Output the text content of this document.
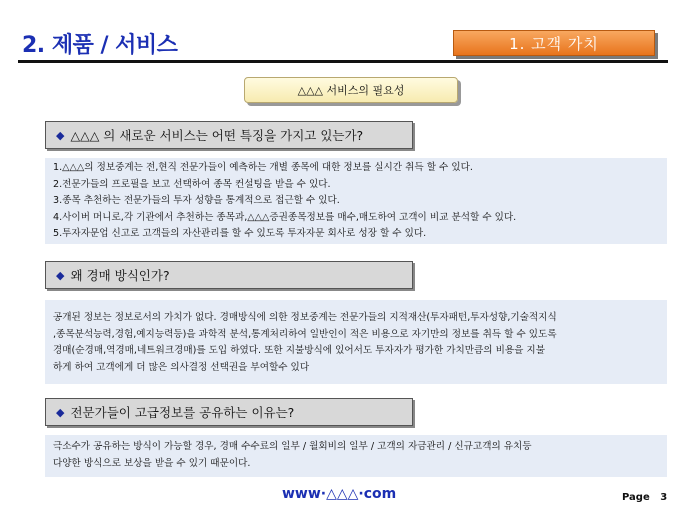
2. 제품 / 서비스	1. 고객 가치
△△△ 서비스의 필요성
◆ △△△ 의 새로운 서비스는 어떤 특징을 가지고 있는가?
1.△△△의 정보중계는 전,현직 전문가들이 예측하는 개별 종목에 대한 정보를 실시간 취득 할 수 있다.
2.전문가들의 프로필을 보고 선택하여 종목 컨설팅을 받을 수 있다.
3.종목 추천하는 전문가들의 투자 성향을 통계적으로 접근할 수 있다.
4.사이버 머니로,각 기관에서 추천하는 종목과,△△△증권종목정보를 매수,매도하여 고객이 비교 분석할 수 있다.
5.투자자문업 신고로 고객들의 자산관리를 할 수 있도록 투자자문 회사로 성장 할 수 있다.
◆ 왜 경매 방식인가?
공개된 정보는 정보로서의 가치가 없다. 경매방식에 의한 정보중계는 전문가들의 지적재산(투자패턴,투자성향,기술적지식
,종목분석능력,경험,예지능력등)을 과학적 분석,통계처리하여 일반인이 적은 비용으로 자기만의 정보를 취득 할 수 있도록
경매(순경매,역경매,네트워크경매)를 도입 하였다. 또한 지불방식에 있어서도 투자자가 평가한 가치만큼의 비용을 지불
하게 하여 고객에게 더 많은 의사결정 선택권을 부여할수 있다
◆ 전문가들이 고급정보를 공유하는 이유는?
극소수가 공유하는 방식이 가능할 경우, 경매 수수료의 일부 / 월회비의 일부 / 고객의 자금관리 / 신규고객의 유치등
다양한 방식으로 보상을 받을 수 있기 때문이다.
www·△△△·com	Page 3
